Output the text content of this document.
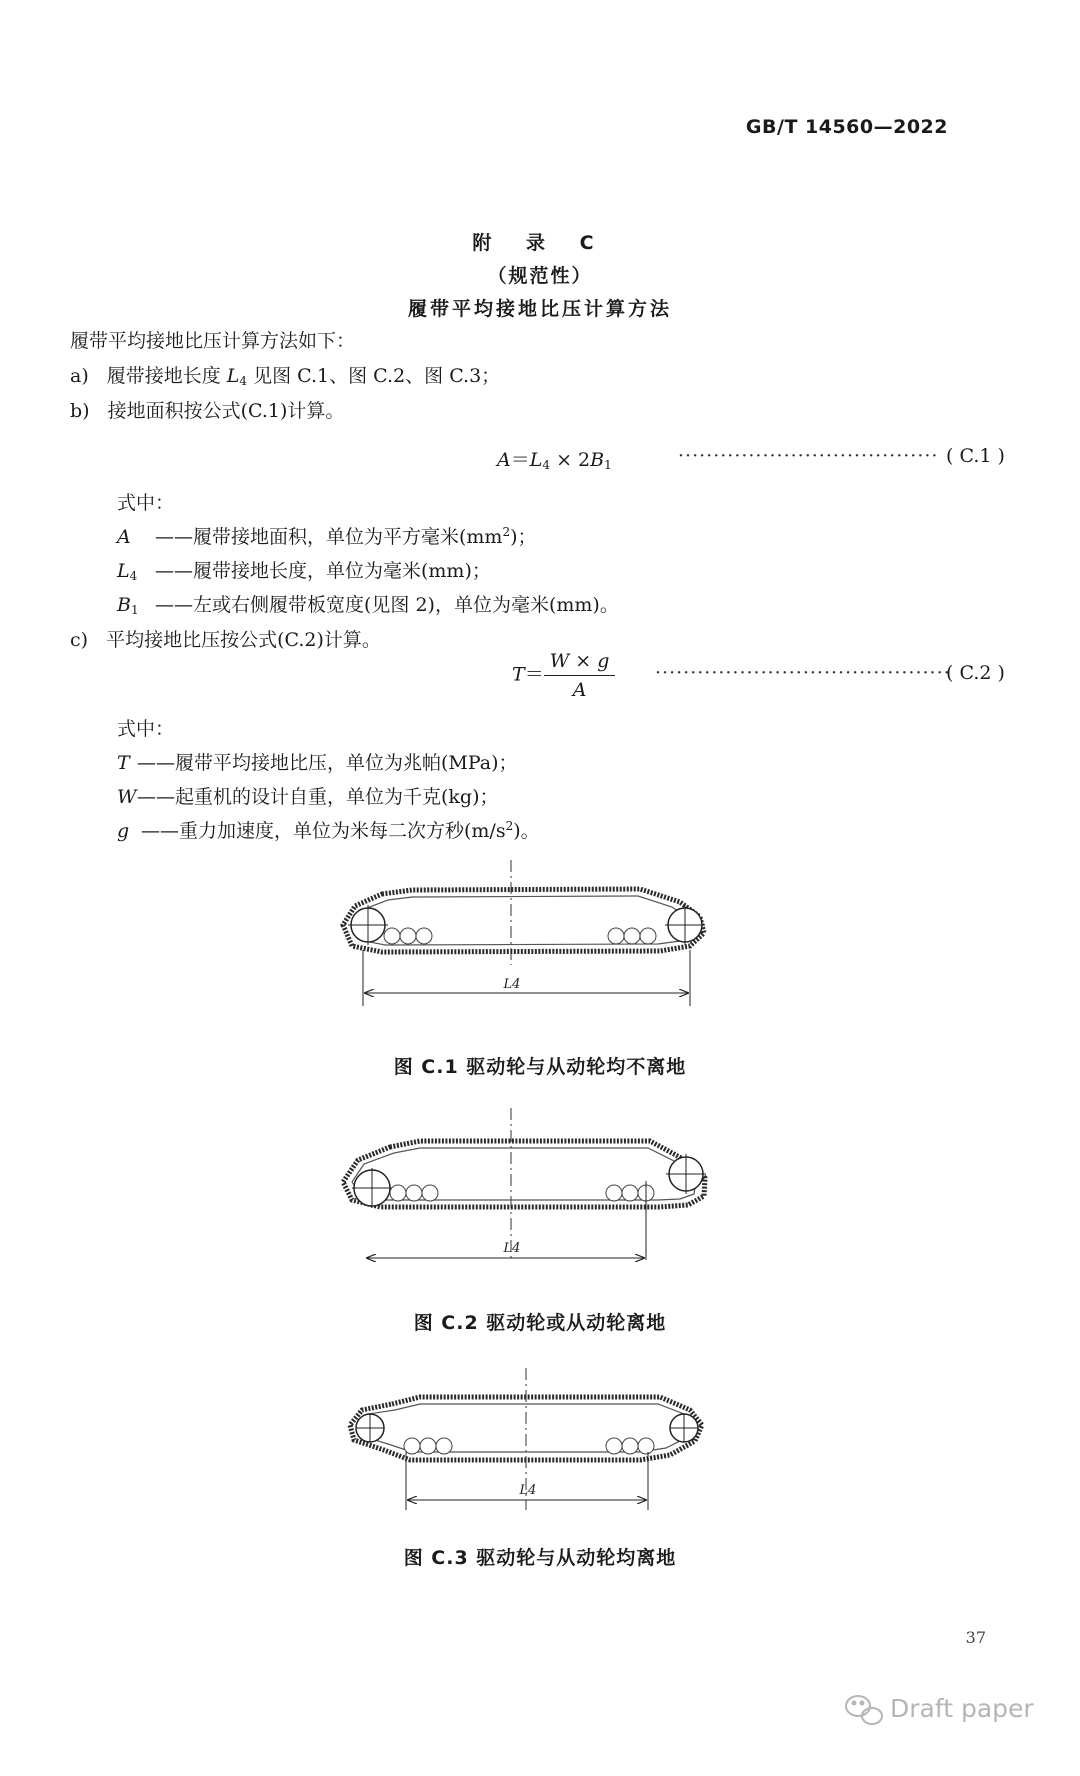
GB/T 14560—2022
附 录 C
（规范性）
履带平均接地比压计算方法
履带平均接地比压计算方法如下：
a) 履带接地长度 $L_4$ 见图 C.1、图 C.2、图 C.3；
b) 接地面积按公式(C.1)计算。
$A=L_4 \times 2B_1$	····································· ( C.1 )
式中：
A ——履带接地面积，单位为平方毫米$(mm^2)$；
$L_4$ ——履带接地长度，单位为毫米(mm)；
$B_1$ ——左或右侧履带板宽度(见图 2)，单位为毫米(mm)。
c) 平均接地比压按公式(C.2)计算。
$T= \frac{W \times g}{A}$ ··········································
( C.2 )
式中：
T ——履带平均接地比压，单位为兆帕(MPa)；
W——起重机的设计自重，单位为千克(kg)；
g ——重力加速度，单位为米每二次方秒$(m/s^2)$。
L4
L4
L4
图 C.1 驱动轮与从动轮均不离地
图 C.2 驱动轮或从动轮离地
图 C.3 驱动轮与从动轮均离地
37
Draft paper
